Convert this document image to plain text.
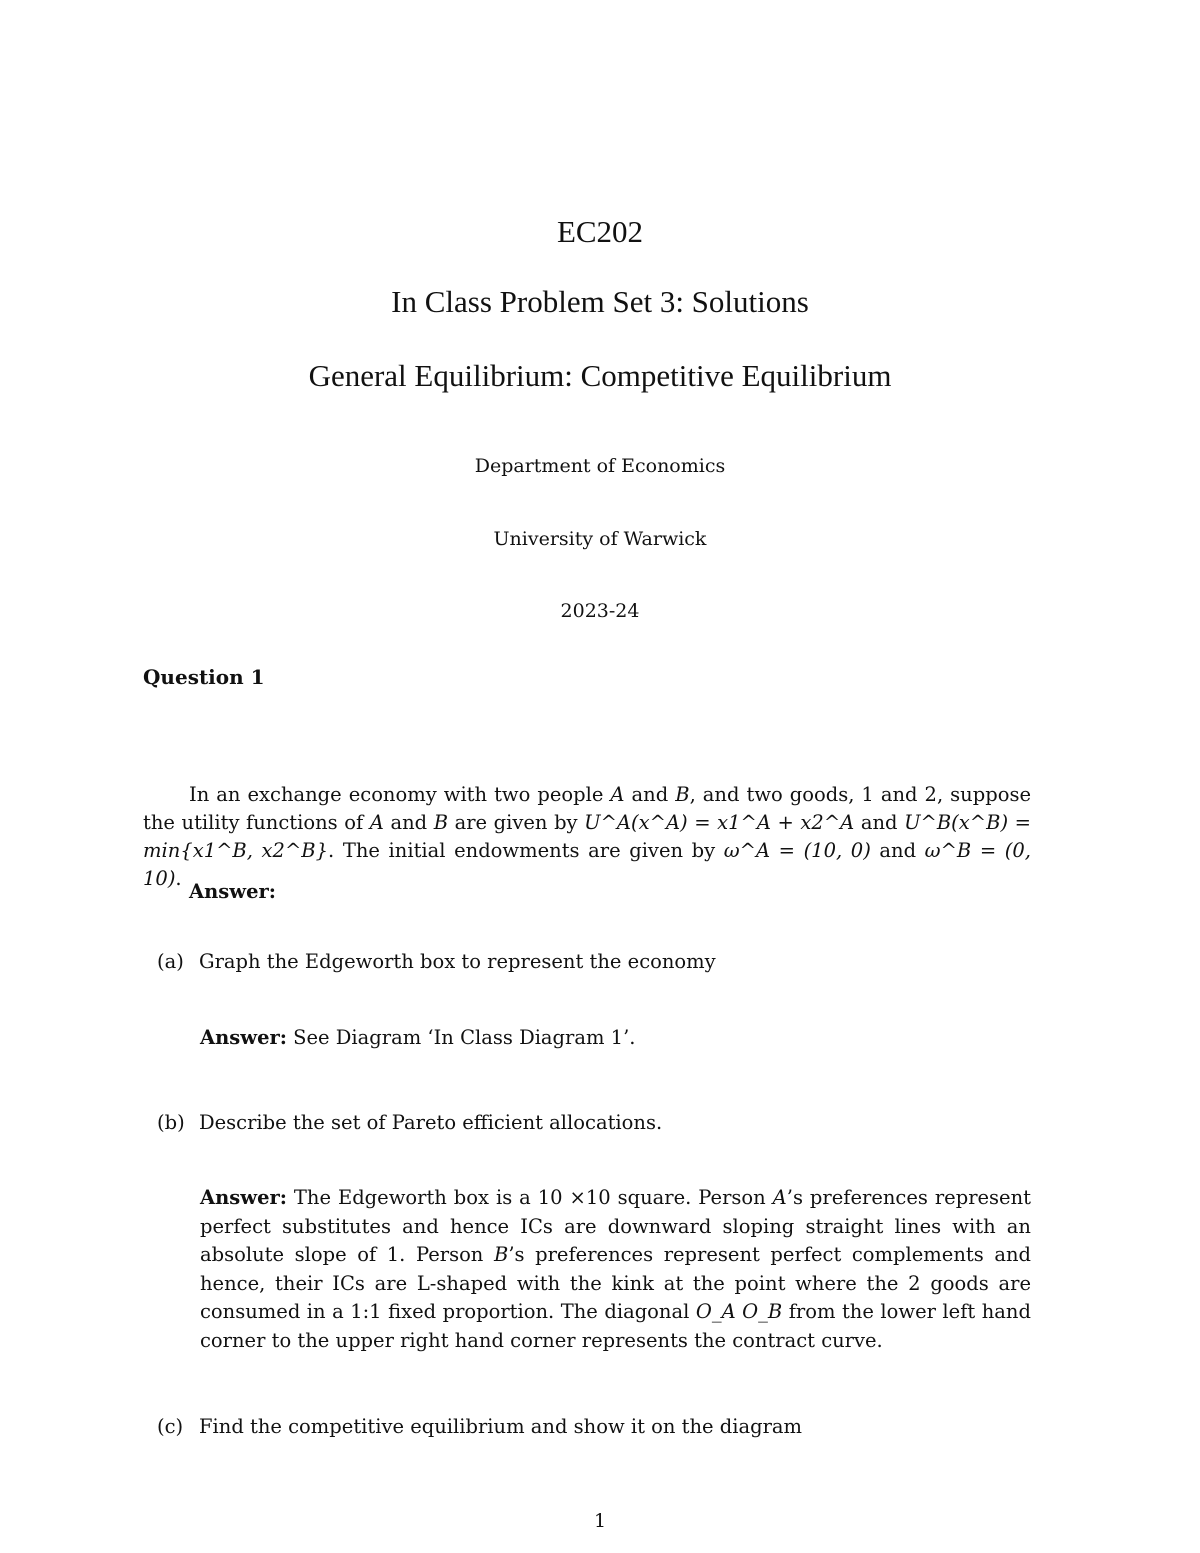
EC202
In Class Problem Set 3: Solutions
General Equilibrium: Competitive Equilibrium
Department of Economics
University of Warwick
2023-24
Question 1
In an exchange economy with two people A and B, and two goods, 1 and 2, suppose the utility functions of A and B are given by U^A(x^A) = x1^A + x2^A and U^B(x^B) = min{x1^B, x2^B}. The initial endowments are given by ω^A = (10, 0) and ω^B = (0, 10).
Answer:
(a) Graph the Edgeworth box to represent the economy
Answer: See Diagram ‘In Class Diagram 1’.
(b) Describe the set of Pareto efficient allocations.
Answer: The Edgeworth box is a 10 ×10 square. Person A’s preferences represent perfect substitutes and hence ICs are downward sloping straight lines with an absolute slope of 1. Person B’s preferences represent perfect complements and hence, their ICs are L-shaped with the kink at the point where the 2 goods are consumed in a 1:1 fixed proportion. The diagonal O_A O_B from the lower left hand corner to the upper right hand corner represents the contract curve.
(c) Find the competitive equilibrium and show it on the diagram
1
